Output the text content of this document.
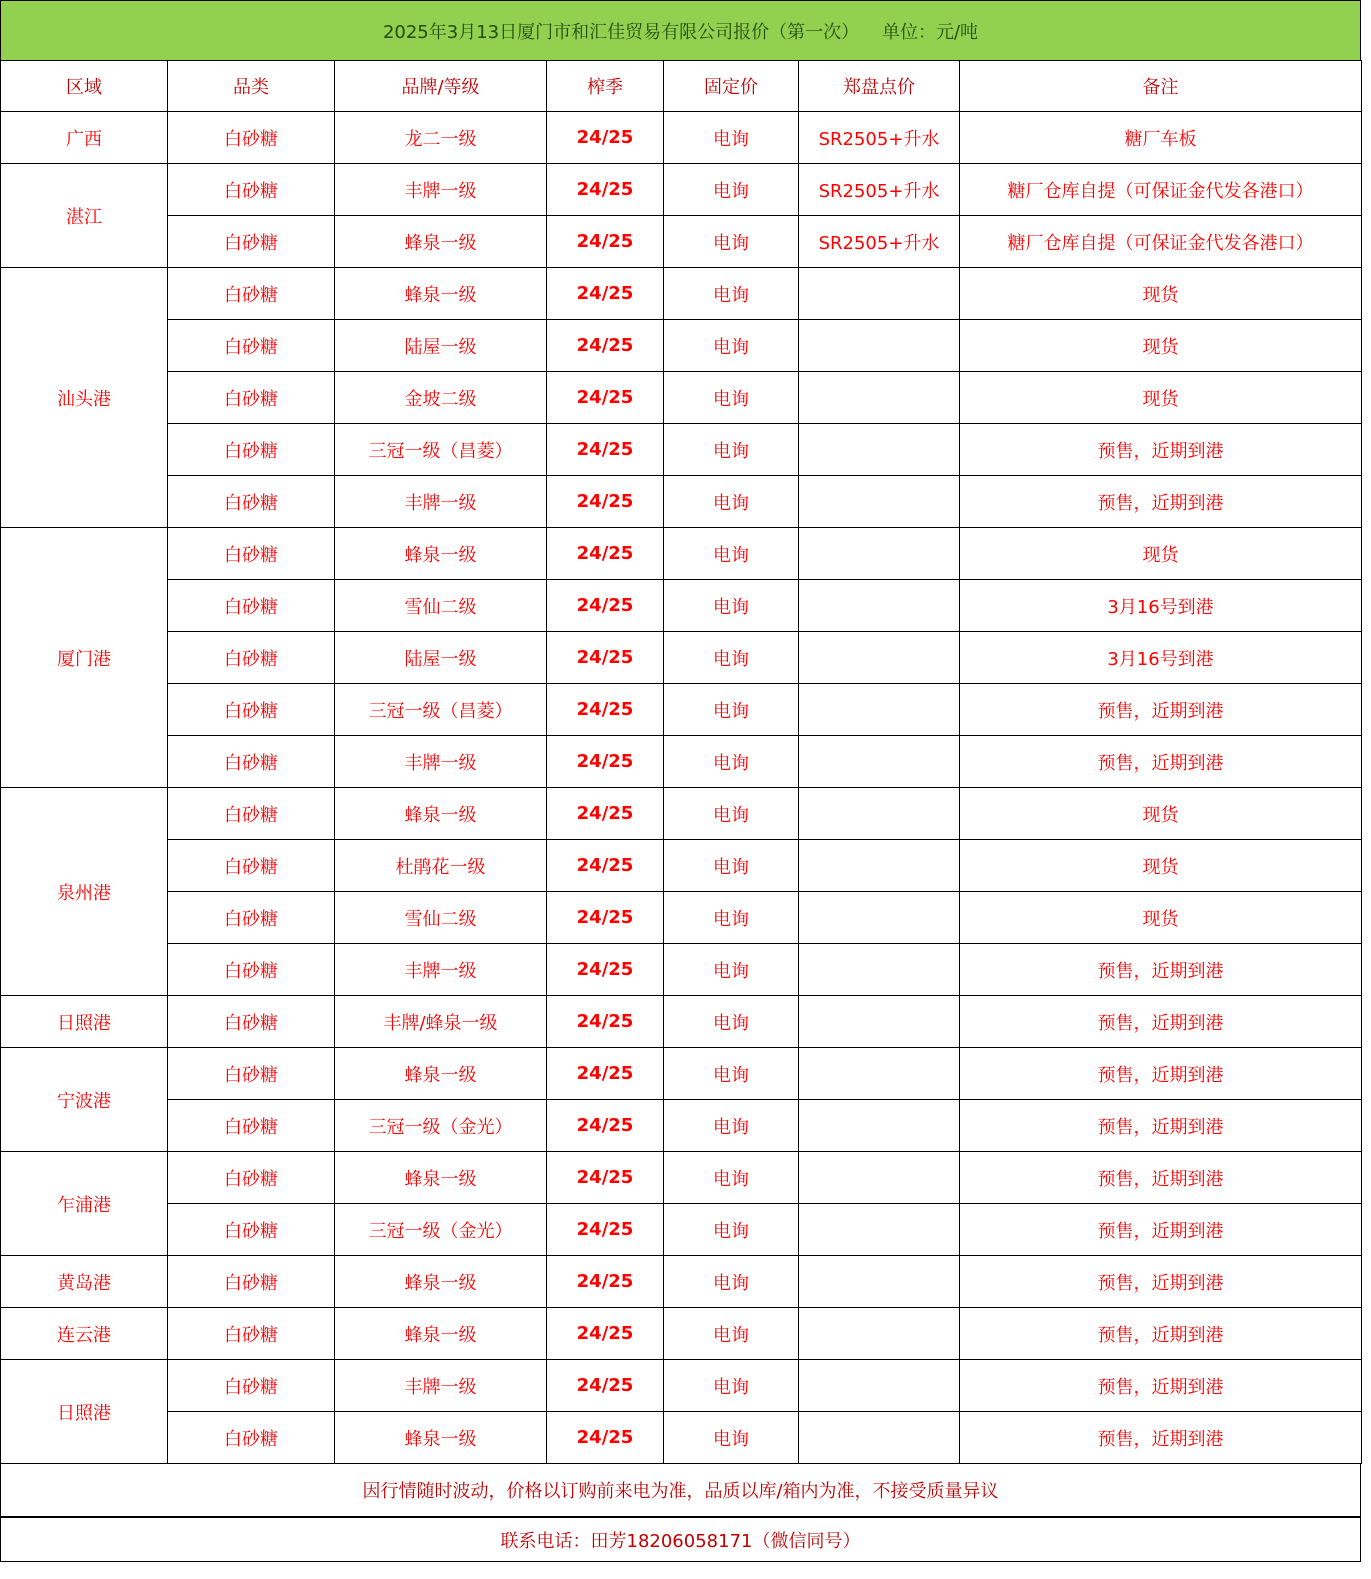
2025年3月13日厦门市和汇佳贸易有限公司报价（第一次）    单位：元/吨
区域	品类	品牌/等级	榨季	固定价	郑盘点价	备注
广西	白砂糖	龙二一级	24/25	电询	SR2505+升水	糖厂车板
湛江	白砂糖	丰牌一级	24/25	电询	SR2505+升水	糖厂仓库自提（可保证金代发各港口）
	白砂糖	蜂泉一级	24/25	电询	SR2505+升水	糖厂仓库自提（可保证金代发各港口）
汕头港	白砂糖	蜂泉一级	24/25	电询		现货
	白砂糖	陆屋一级	24/25	电询		现货
	白砂糖	金坡二级	24/25	电询		现货
	白砂糖	三冠一级（昌菱）	24/25	电询		预售，近期到港
	白砂糖	丰牌一级	24/25	电询		预售，近期到港
厦门港	白砂糖	蜂泉一级	24/25	电询		现货
	白砂糖	雪仙二级	24/25	电询		3月16号到港
	白砂糖	陆屋一级	24/25	电询		3月16号到港
	白砂糖	三冠一级（昌菱）	24/25	电询		预售，近期到港
	白砂糖	丰牌一级	24/25	电询		预售，近期到港
泉州港	白砂糖	蜂泉一级	24/25	电询		现货
	白砂糖	杜鹃花一级	24/25	电询		现货
	白砂糖	雪仙二级	24/25	电询		现货
	白砂糖	丰牌一级	24/25	电询		预售，近期到港
日照港	白砂糖	丰牌/蜂泉一级	24/25	电询		预售，近期到港
宁波港	白砂糖	蜂泉一级	24/25	电询		预售，近期到港
	白砂糖	三冠一级（金光）	24/25	电询		预售，近期到港
乍浦港	白砂糖	蜂泉一级	24/25	电询		预售，近期到港
	白砂糖	三冠一级（金光）	24/25	电询		预售，近期到港
黄岛港	白砂糖	蜂泉一级	24/25	电询		预售，近期到港
连云港	白砂糖	蜂泉一级	24/25	电询		预售，近期到港
日照港	白砂糖	丰牌一级	24/25	电询		预售，近期到港
	白砂糖	蜂泉一级	24/25	电询		预售，近期到港
因行情随时波动，价格以订购前来电为准，品质以库/箱内为准，不接受质量异议
联系电话：田芳18206058171（微信同号）
